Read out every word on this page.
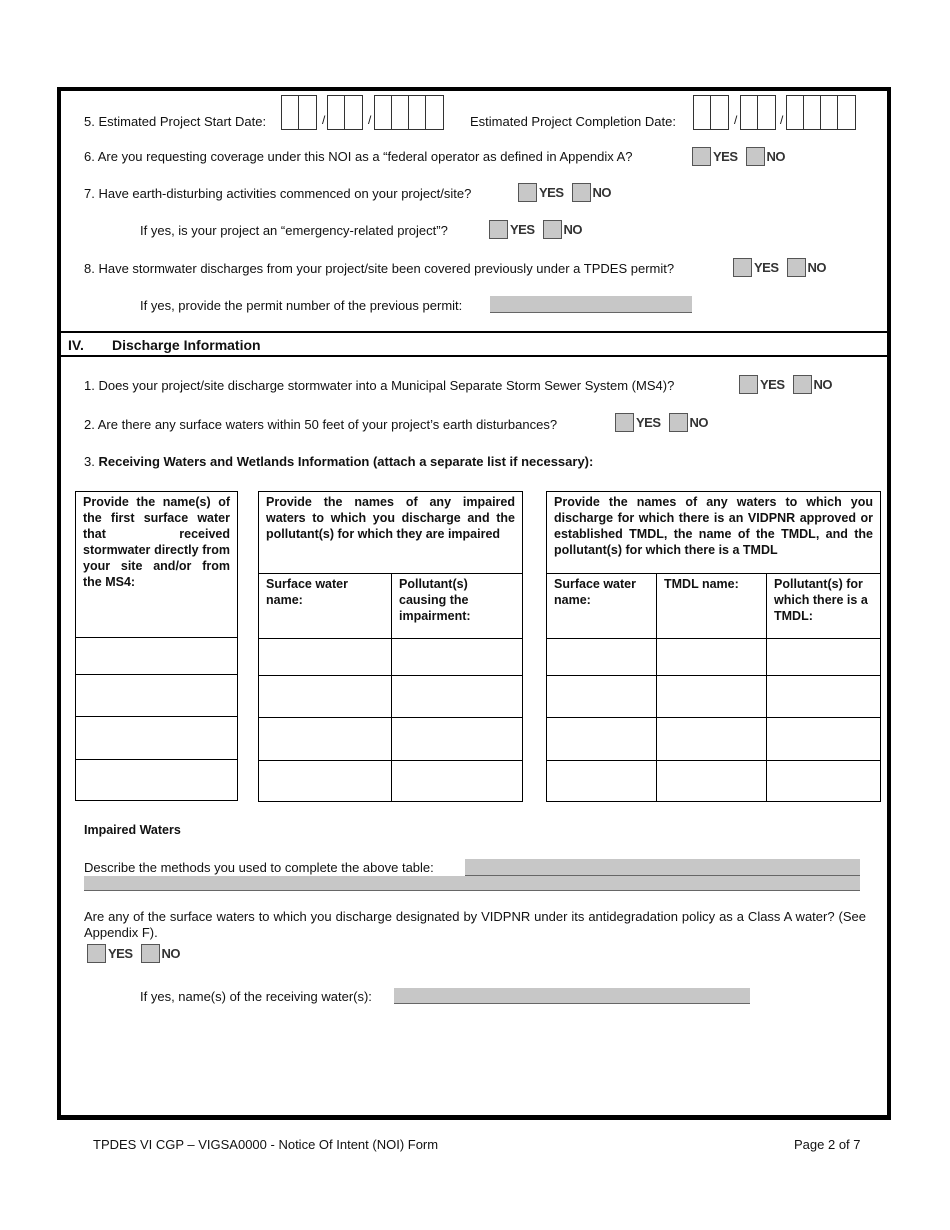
5. Estimated Project Start Date:	/	/	Estimated Project Completion Date:	/	/
6. Are you requesting coverage under this NOI as a “federal operator as defined in Appendix A?	YES NO
7. Have earth-disturbing activities commenced on your project/site?	YES NO
If yes, is your project an “emergency-related project”?	YES NO
8. Have stormwater discharges from your project/site been covered previously under a TPDES permit?	YES NO
If yes, provide the permit number of the previous permit:
IV. Discharge Information
1. Does your project/site discharge stormwater into a Municipal Separate Storm Sewer System (MS4)?	YES NO
2. Are there any surface waters within 50 feet of your project’s earth disturbances?	YES NO
3. Receiving Waters and Wetlands Information (attach a separate list if necessary):
Provide the name(s) of the first surface water that received stormwater directly from your site and/or from the MS4:

Provide the names of any impaired waters to which you discharge and the pollutant(s) for which they are impaired	
Surface water name:	Pollutant(s) causing the impairment:

Provide the names of any waters to which you discharge for which there is an VIDPNR approved or established TMDL, the name of the TMDL, and the pollutant(s) for which there is a TMDL		
Surface water name:	TMDL name:	Pollutant(s) for which there is a TMDL:

Impaired Waters
Describe the methods you used to complete the above table:
Are any of the surface waters to which you discharge designated by VIDPNR under its antidegradation policy as a Class A water? (See Appendix F).
YES NO
If yes, name(s) of the receiving water(s):
TPDES VI CGP – VIGSA0000 - Notice Of Intent (NOI) Form	Page 2 of 7
